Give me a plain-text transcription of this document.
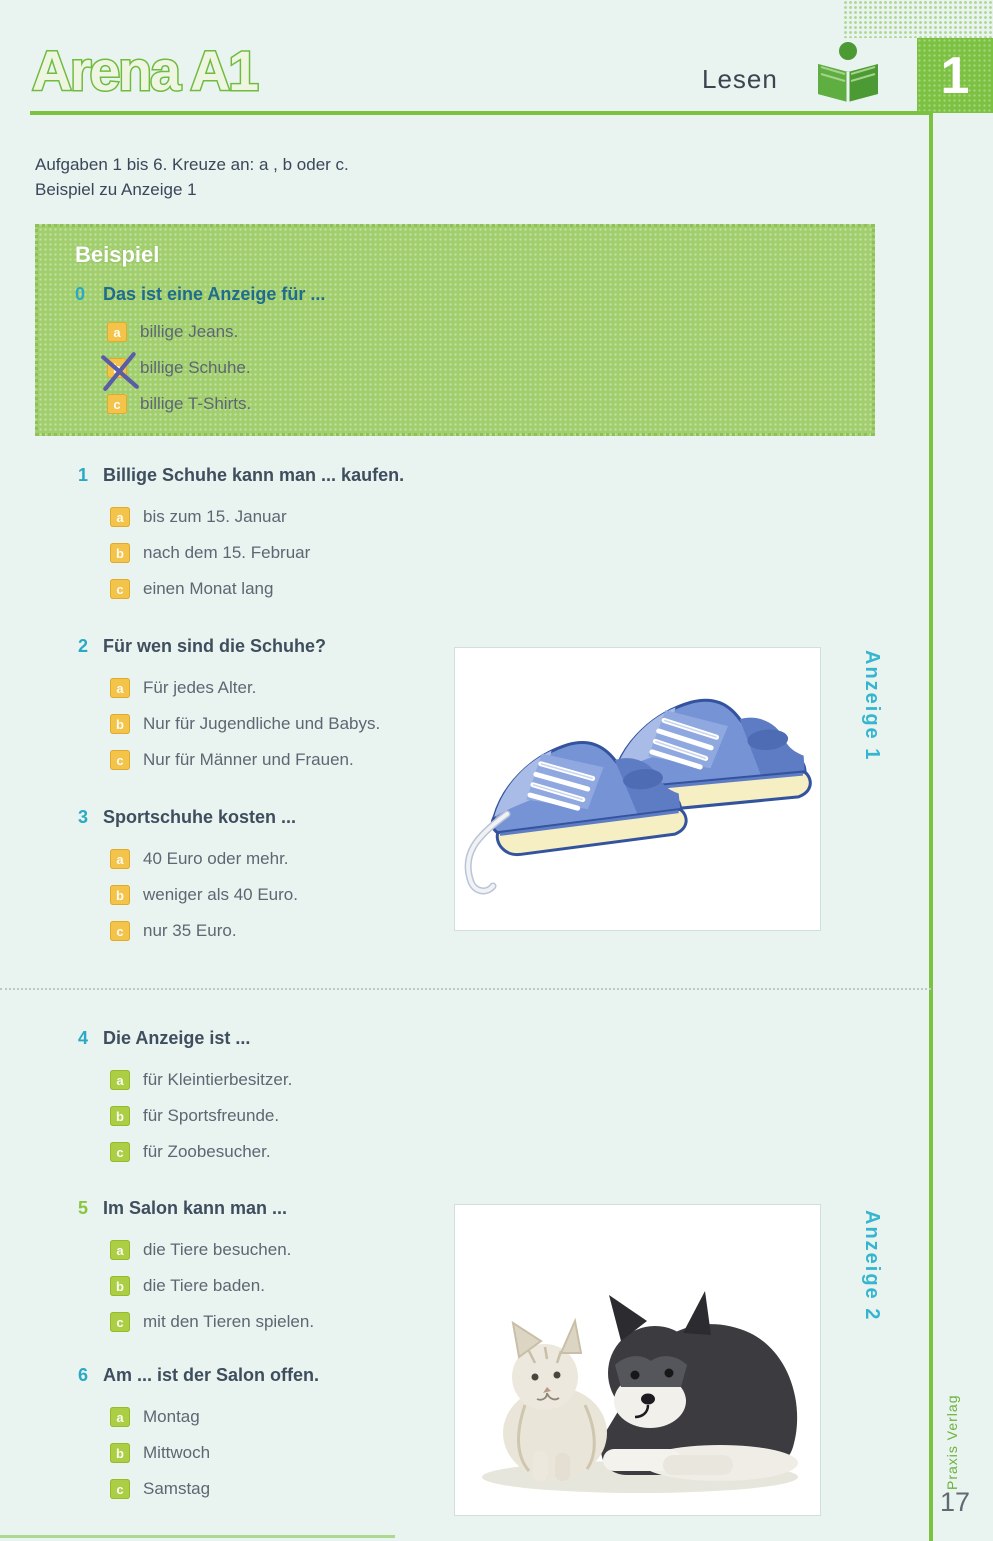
Arena A1	Lesen	1
Aufgaben 1 bis 6. Kreuze an: a , b oder c.
Beispiel zu Anzeige 1
Beispiel
0 Das ist eine Anzeige für ...
a	billige Jeans.
b	billige Schuhe.
c	billige T-Shirts.
1 Billige Schuhe kann man ... kaufen.
a	bis zum 15. Januar
b	nach dem 15. Februar
c	einen Monat lang
2 Für wen sind die Schuhe?
a	Für jedes Alter.
b	Nur für Jugendliche und Babys.
c	Nur für Männer und Frauen.
3 Sportschuhe kosten ...
a	40 Euro oder mehr.
b	weniger als 40 Euro.
c	nur 35 Euro.
4 Die Anzeige ist ...
a	für Kleintierbesitzer.
b	für Sportsfreunde.
c	für Zoobesucher.
5 Im Salon kann man ...
a	die Tiere besuchen.
b	die Tiere baden.
c	mit den Tieren spielen.
6 Am ... ist der Salon offen.
a	Montag
b	Mittwoch
c	Samstag
Anzeige 1
Anzeige 2
Praxis Verlag
17
